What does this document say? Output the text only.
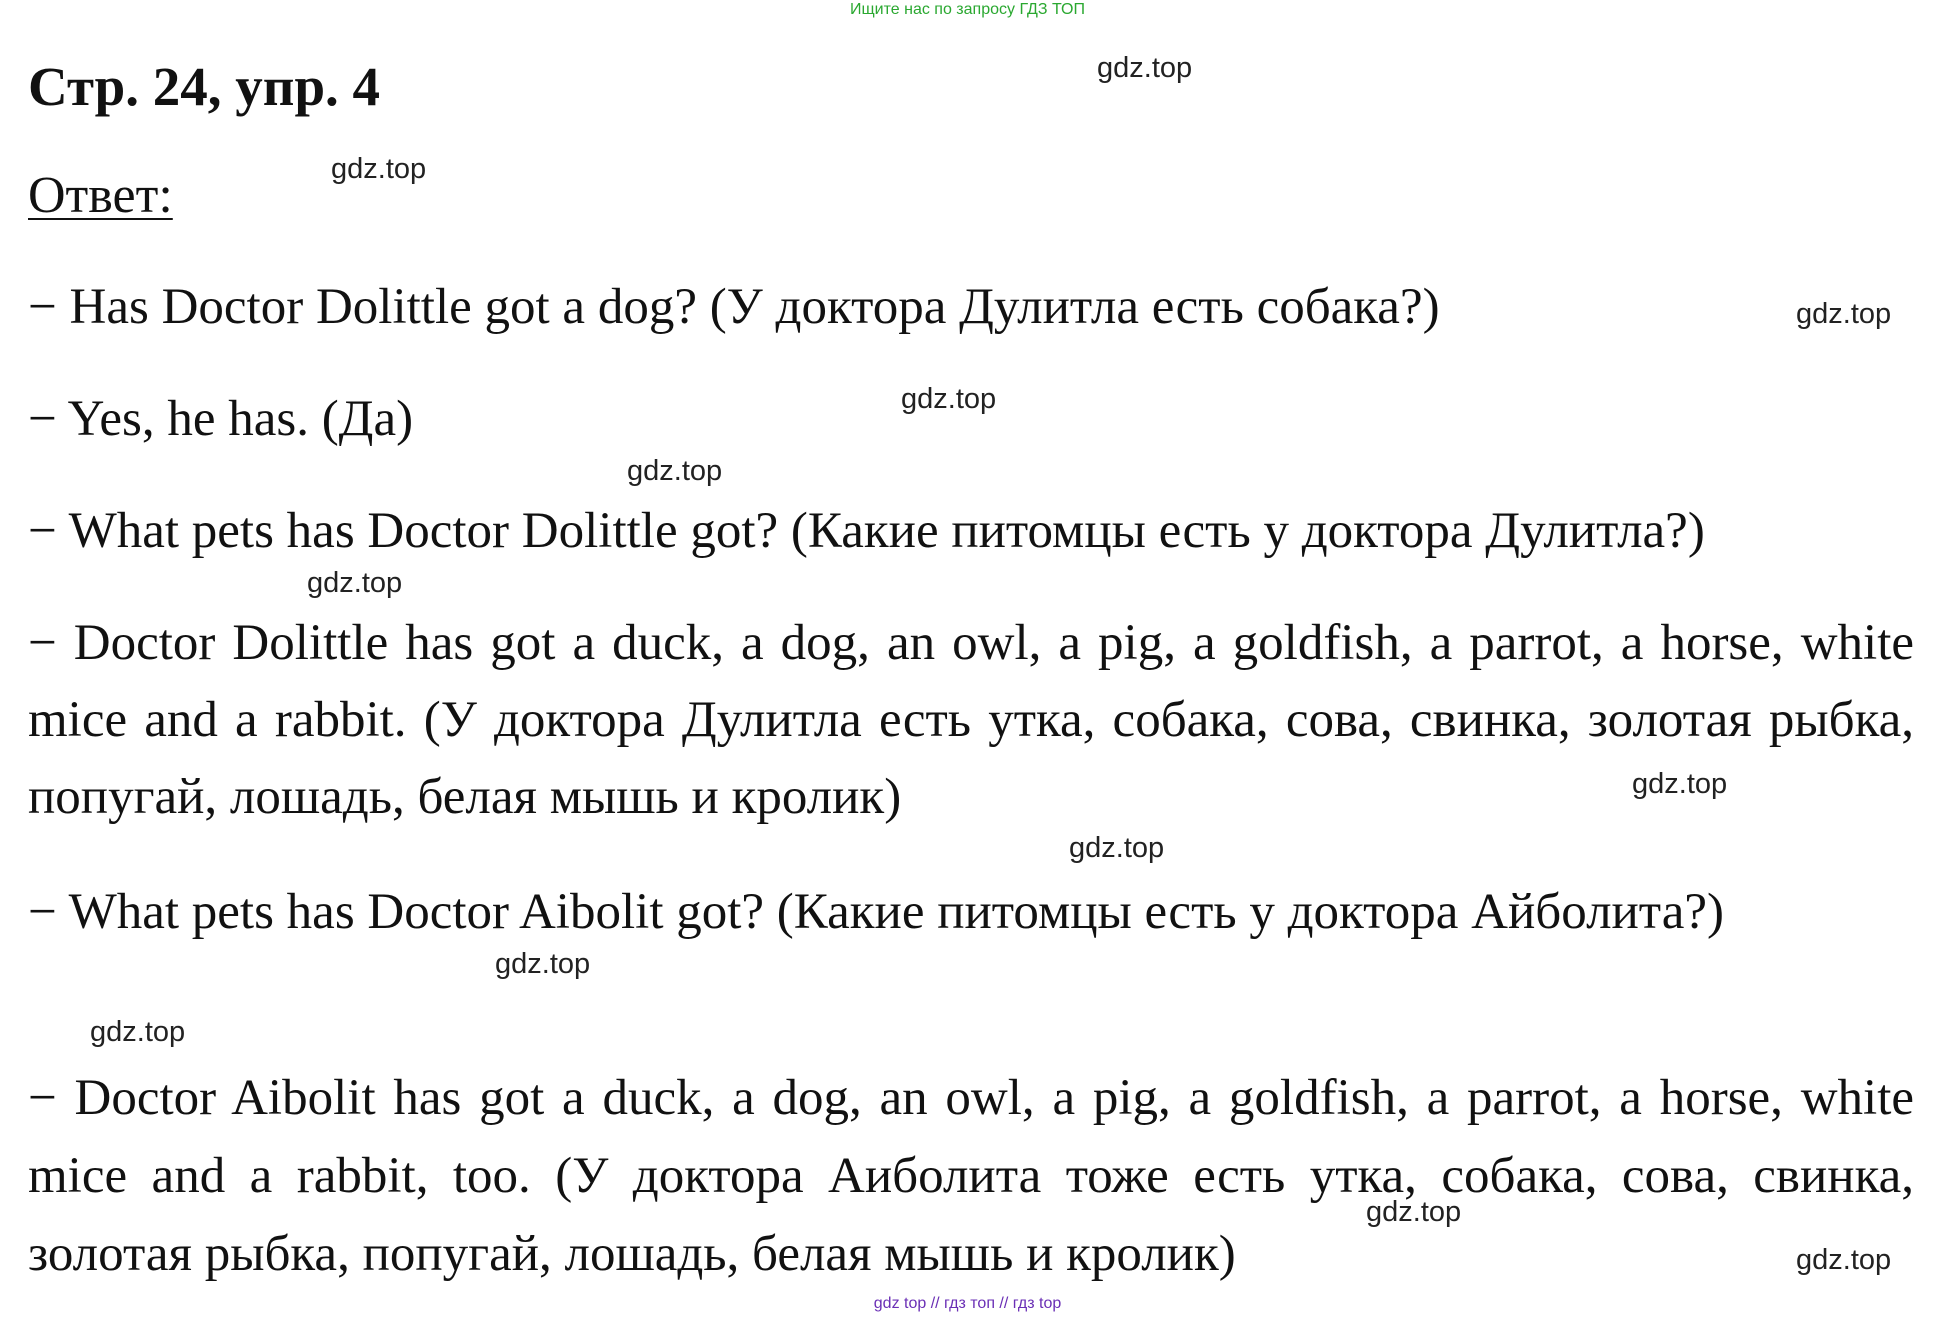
Ищите нас по запросу ГДЗ ТОП
Стр. 24, упр. 4
Ответ:
− Has Doctor Dolittle got a dog? (У доктора Дулитла есть собака?)
− Yes, he has. (Да)
− What pets has Doctor Dolittle got? (Какие питомцы есть у доктора Дулитла?)
− Doctor Dolittle has got a duck, a dog, an owl, a pig, a goldfish, a parrot, a horse, white mice and a rabbit. (У доктора Дулитла есть утка, собака, сова, свинка, золотая рыбка, попугай, лошадь, белая мышь и кролик)
− What pets has Doctor Aibolit got? (Какие питомцы есть у доктора Айболита?)
− Doctor Aibolit has got a duck, a dog, an owl, a pig, a goldfish, a parrot, a horse, white mice and a rabbit, too. (У доктора Аиболита тоже есть утка, собака, сова, свинка, золотая рыбка, попугай, лошадь, белая мышь и кролик)
gdz.top
gdz.top
gdz.top
gdz.top
gdz.top
gdz.top
gdz.top
gdz.top
gdz.top
gdz.top
gdz.top
gdz.top
gdz top // гдз топ // гдз top
